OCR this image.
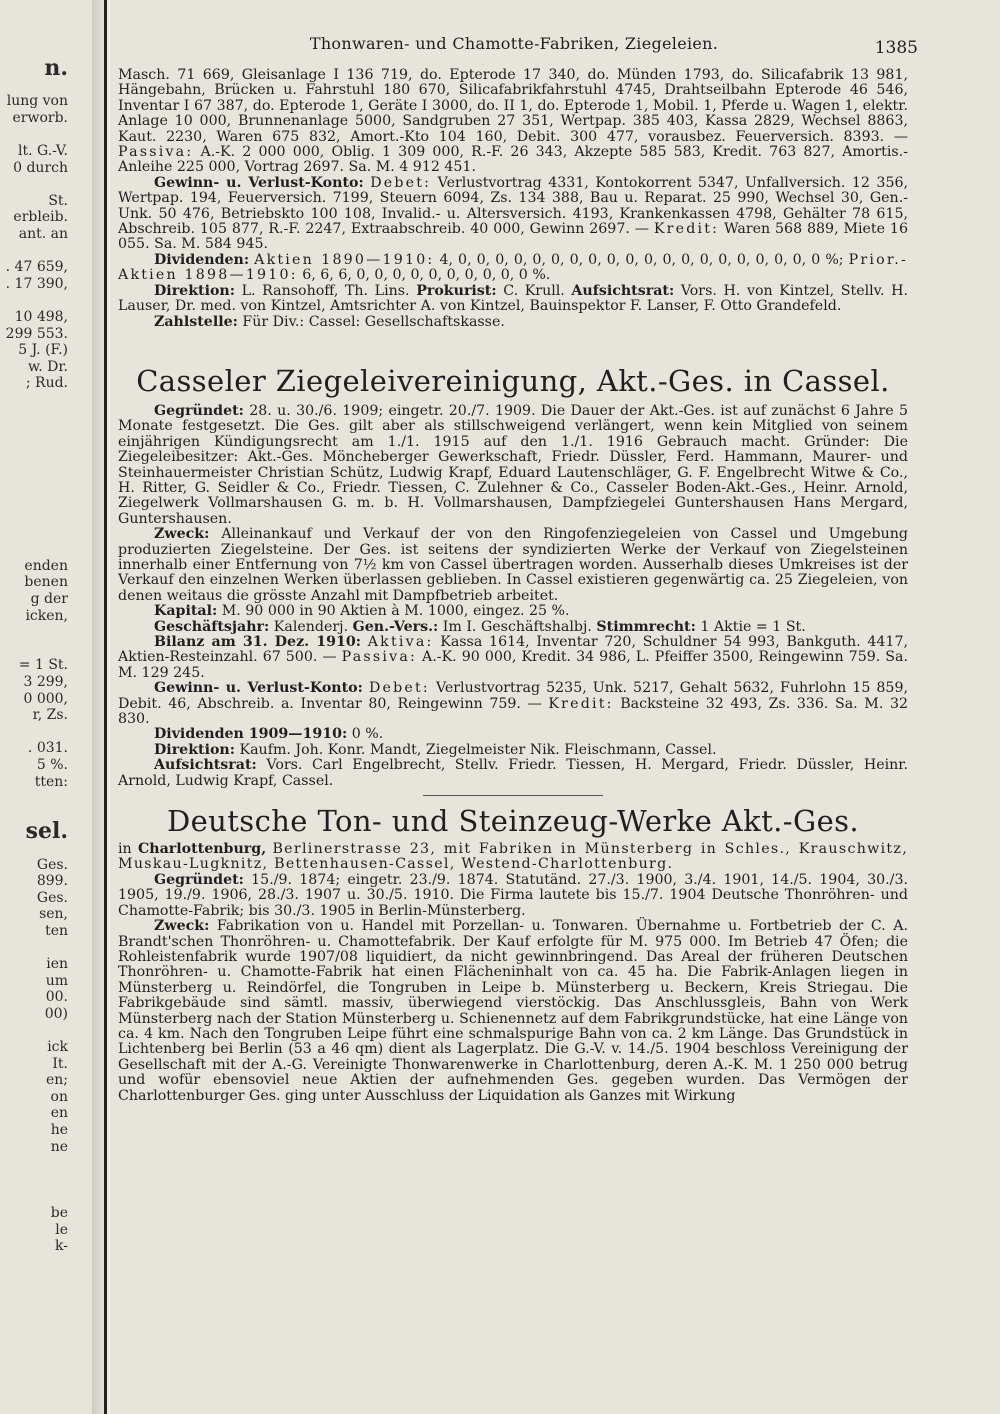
n.
lung von
erworb.
lt. G.-V.
0 durch
St.
erbleib.
ant. an
. 47 659,
. 17 390,
10 498,
299 553.
5 J. (F.)
w. Dr.
; Rud.
enden
benen
g der
icken,
= 1 St.
3 299,
0 000,
r, Zs.
. 031.
5 %.
tten:
sel.
Ges.
899.
Ges.
sen,
ten
ien
um
00.
00)
ick
It.
en;
on
en
he
ne
be
le
k-
Thonwaren- und Chamotte-Fabriken, Ziegeleien.	1385

Masch. 71 669, Gleisanlage I 136 719, do. Epterode 17 340, do. Münden 1793, do. Silicafabrik 13 981, Hängebahn, Brücken u. Fahrstuhl 180 670, Silicafabrikfahrstuhl 4745, Drahtseilbahn Epterode 46 546, Inventar I 67 387, do. Epterode 1, Geräte I 3000, do. II 1, do. Epterode 1, Mobil. 1, Pferde u. Wagen 1, elektr. Anlage 10 000, Brunnenanlage 5000, Sandgruben 27 351, Wertpap. 385 403, Kassa 2829, Wechsel 8863, Kaut. 2230, Waren 675 832, Amort.-Kto 104 160, Debit. 300 477, vorausbez. Feuerversich. 8393. — Passiva: A.-K. 2 000 000, Oblig. 1 309 000, R.-F. 26 343, Akzepte 585 583, Kredit. 763 827, Amortis.-Anleihe 225 000, Vortrag 2697. Sa. M. 4 912 451.

Gewinn- u. Verlust-Konto: Debet: Verlustvortrag 4331, Kontokorrent 5347, Unfallversich. 12 356, Wertpap. 194, Feuerversich. 7199, Steuern 6094, Zs. 134 388, Bau u. Reparat. 25 990, Wechsel 30, Gen.-Unk. 50 476, Betriebskto 100 108, Invalid.- u. Altersversich. 4193, Krankenkassen 4798, Gehälter 78 615, Abschreib. 105 877, R.-F. 2247, Extraabschreib. 40 000, Gewinn 2697. — Kredit: Waren 568 889, Miete 16 055. Sa. M. 584 945.

Dividenden: Aktien 1890—1910: 4, 0, 0, 0, 0, 0, 0, 0, 0, 0, 0, 0, 0, 0, 0, 0, 0, 0, 0, 0, 0 %; Prior.-Aktien 1898—1910: 6, 6, 6, 0, 0, 0, 0, 0, 0, 0, 0, 0, 0 %.

Direktion: L. Ransohoff, Th. Lins. Prokurist: C. Krull. Aufsichtsrat: Vors. H. von Kintzel, Stellv. H. Lauser, Dr. med. von Kintzel, Amtsrichter A. von Kintzel, Bauinspektor F. Lanser, F. Otto Grandefeld.

Zahlstelle: Für Div.: Cassel: Gesellschaftskasse.

Casseler Ziegeleivereinigung, Akt.-Ges. in Cassel.

Gegründet: 28. u. 30./6. 1909; eingetr. 20./7. 1909. Die Dauer der Akt.-Ges. ist auf zunächst 6 Jahre 5 Monate festgesetzt. Die Ges. gilt aber als stillschweigend verlängert, wenn kein Mitglied von seinem einjährigen Kündigungsrecht am 1./1. 1915 auf den 1./1. 1916 Gebrauch macht. Gründer: Die Ziegeleibesitzer: Akt.-Ges. Möncheberger Gewerkschaft, Friedr. Düssler, Ferd. Hammann, Maurer- und Steinhauermeister Christian Schütz, Ludwig Krapf, Eduard Lautenschläger, G. F. Engelbrecht Witwe & Co., H. Ritter, G. Seidler & Co., Friedr. Tiessen, C. Zulehner & Co., Casseler Boden-Akt.-Ges., Heinr. Arnold, Ziegelwerk Vollmarshausen G. m. b. H. Vollmarshausen, Dampfziegelei Guntershausen Hans Mergard, Guntershausen.

Zweck: Alleinankauf und Verkauf der von den Ringofenziegeleien von Cassel und Umgebung produzierten Ziegelsteine. Der Ges. ist seitens der syndizierten Werke der Verkauf von Ziegelsteinen innerhalb einer Entfernung von 7½ km von Cassel übertragen worden. Ausserhalb dieses Umkreises ist der Verkauf den einzelnen Werken überlassen geblieben. In Cassel existieren gegenwärtig ca. 25 Ziegeleien, von denen weitaus die grösste Anzahl mit Dampfbetrieb arbeitet.

Kapital: M. 90 000 in 90 Aktien à M. 1000, eingez. 25 %.

Geschäftsjahr: Kalenderj. Gen.-Vers.: Im I. Geschäftshalbj. Stimmrecht: 1 Aktie = 1 St.

Bilanz am 31. Dez. 1910: Aktiva: Kassa 1614, Inventar 720, Schuldner 54 993, Bankguth. 4417, Aktien-Resteinzahl. 67 500. — Passiva: A.-K. 90 000, Kredit. 34 986, L. Pfeiffer 3500, Reingewinn 759. Sa. M. 129 245.

Gewinn- u. Verlust-Konto: Debet: Verlustvortrag 5235, Unk. 5217, Gehalt 5632, Fuhrlohn 15 859, Debit. 46, Abschreib. a. Inventar 80, Reingewinn 759. — Kredit: Backsteine 32 493, Zs. 336. Sa. M. 32 830.

Dividenden 1909—1910: 0 %.

Direktion: Kaufm. Joh. Konr. Mandt, Ziegelmeister Nik. Fleischmann, Cassel.

Aufsichtsrat: Vors. Carl Engelbrecht, Stellv. Friedr. Tiessen, H. Mergard, Friedr. Düssler, Heinr. Arnold, Ludwig Krapf, Cassel.

Deutsche Ton- und Steinzeug-Werke Akt.-Ges.

in Charlottenburg, Berlinerstrasse 23, mit Fabriken in Münsterberg in Schles., Krauschwitz, Muskau-Lugknitz, Bettenhausen-Cassel, Westend-Charlottenburg.

Gegründet: 15./9. 1874; eingetr. 23./9. 1874. Statutänd. 27./3. 1900, 3./4. 1901, 14./5. 1904, 30./3. 1905, 19./9. 1906, 28./3. 1907 u. 30./5. 1910. Die Firma lautete bis 15./7. 1904 Deutsche Thonröhren- und Chamotte-Fabrik; bis 30./3. 1905 in Berlin-Münsterberg.

Zweck: Fabrikation von u. Handel mit Porzellan- u. Tonwaren. Übernahme u. Fortbetrieb der C. A. Brandt'schen Thonröhren- u. Chamottefabrik. Der Kauf erfolgte für M. 975 000. Im Betrieb 47 Öfen; die Rohleistenfabrik wurde 1907/08 liquidiert, da nicht gewinnbringend. Das Areal der früheren Deutschen Thonröhren- u. Chamotte-Fabrik hat einen Flächeninhalt von ca. 45 ha. Die Fabrik-Anlagen liegen in Münsterberg u. Reindörfel, die Tongruben in Leipe b. Münsterberg u. Beckern, Kreis Striegau. Die Fabrikgebäude sind sämtl. massiv, überwiegend vierstöckig. Das Anschlussgleis, Bahn von Werk Münsterberg nach der Station Münsterberg u. Schienennetz auf dem Fabrikgrundstücke, hat eine Länge von ca. 4 km. Nach den Tongruben Leipe führt eine schmalspurige Bahn von ca. 2 km Länge. Das Grundstück in Lichtenberg bei Berlin (53 a 46 qm) dient als Lagerplatz. Die G.-V. v. 14./5. 1904 beschloss Vereinigung der Gesellschaft mit der A.-G. Vereinigte Thonwarenwerke in Charlottenburg, deren A.-K. M. 1 250 000 betrug und wofür ebensoviel neue Aktien der aufnehmenden Ges. gegeben wurden. Das Vermögen der Charlottenburger Ges. ging unter Ausschluss der Liquidation als Ganzes mit Wirkung
